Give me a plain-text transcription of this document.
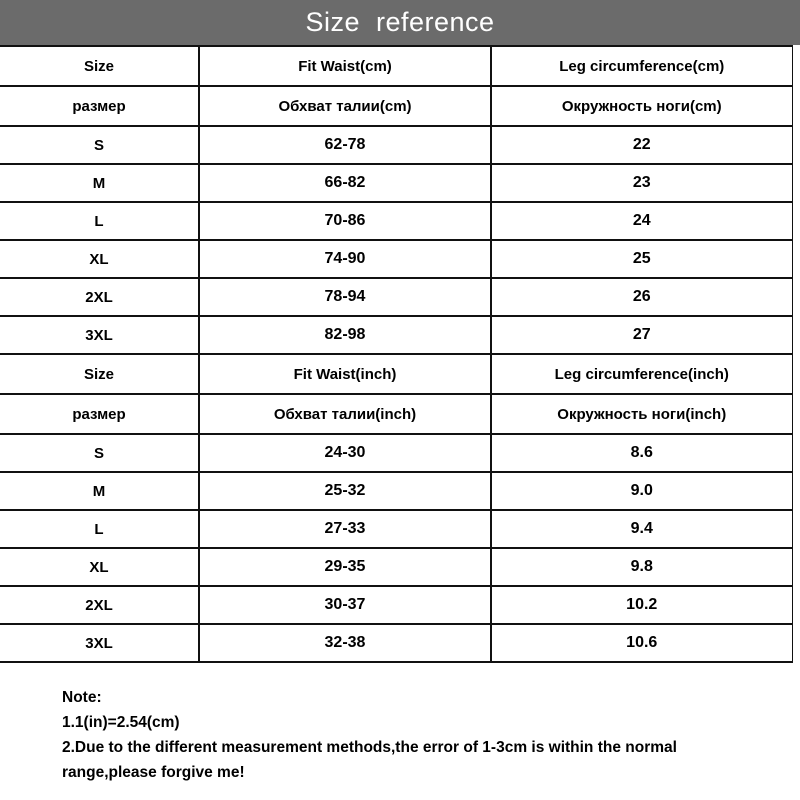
Size  reference
Size	Fit Waist(cm)	Leg circumference(cm)
размер	Обхват талии(cm)	Окружность ноги(cm)
S	62-78	22
M	66-82	23
L	70-86	24
XL	74-90	25
2XL	78-94	26
3XL	82-98	27
Size	Fit Waist(inch)	Leg circumference(inch)
размер	Обхват талии(inch)	Окружность ноги(inch)
S	24-30	8.6
M	25-32	9.0
L	27-33	9.4
XL	29-35	9.8
2XL	30-37	10.2
3XL	32-38	10.6
Note:
1.1(in)=2.54(cm)
2.Due to the different measurement methods,the error of 1-3cm is within the normal range,please forgive me!
